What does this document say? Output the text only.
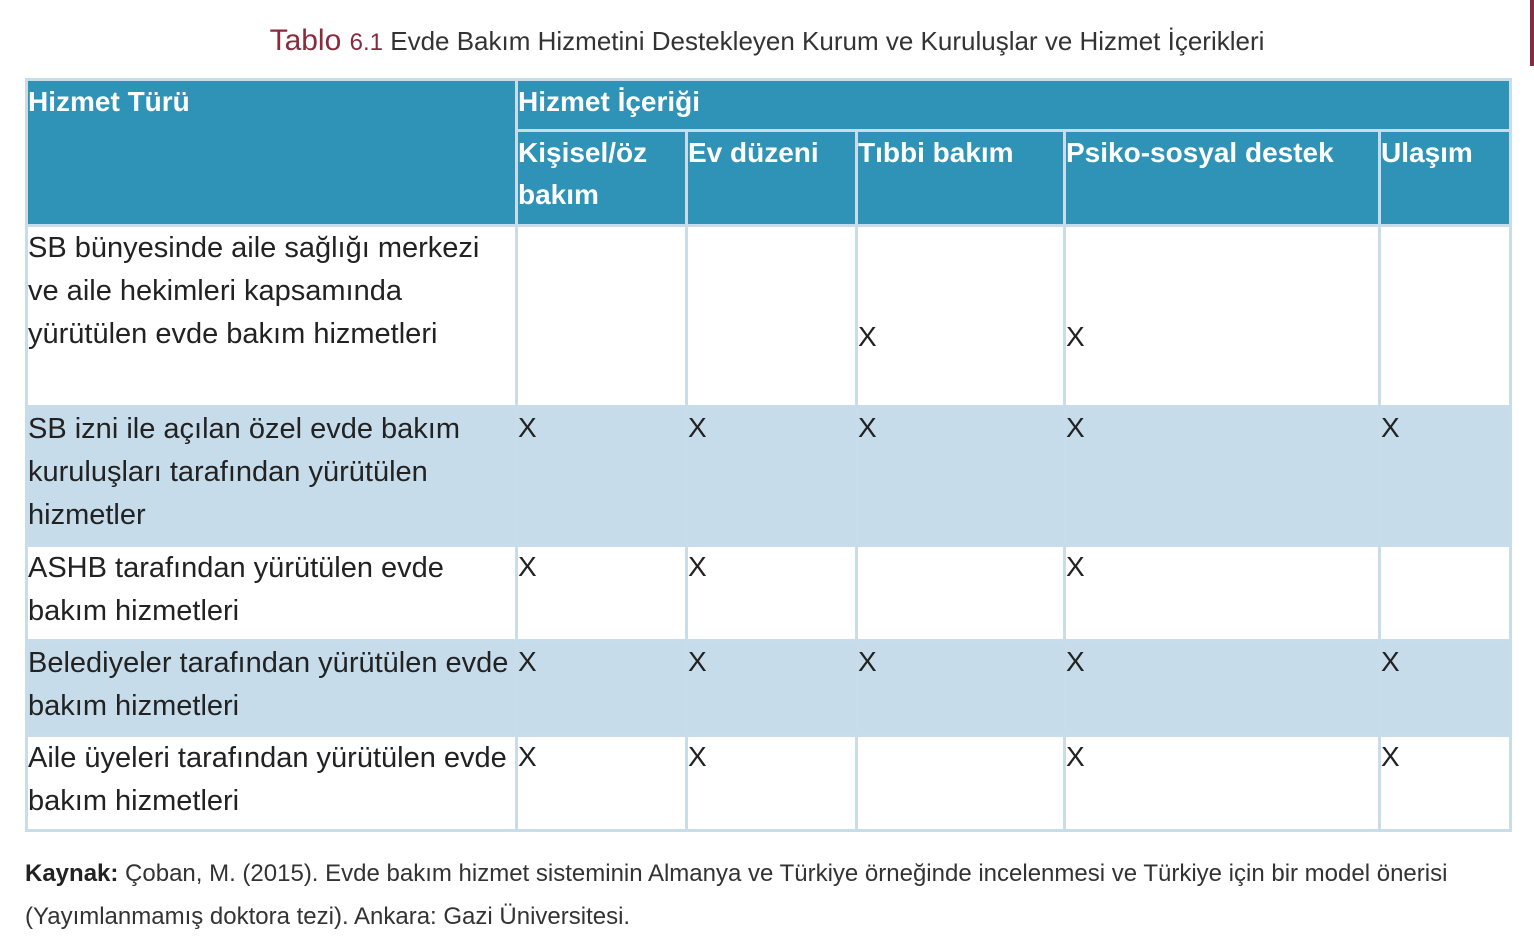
Tablo 6.1 Evde Bakım Hizmetini Destekleyen Kurum ve Kuruluşlar ve Hizmet İçerikleri
Hizmet Türü	Hizmet İçeriği				
	Kişisel/öz bakım	Ev düzeni	Tıbbi bakım	Psiko-sosyal destek	Ulaşım
SB bünyesinde aile sağlığı merkezi ve aile hekimleri kapsamında yürütülen evde bakım hizmetleri			X	X	
SB izni ile açılan özel evde bakım kuruluşları tarafından yürütülen hizmetler	X	X	X	X	X
ASHB tarafından yürütülen evde bakım hizmetleri	X	X		X	
Belediyeler tarafından yürütülen evde bakım hizmetleri	X	X	X	X	X
Aile üyeleri tarafından yürütülen evde bakım hizmetleri	X	X		X	X
Kaynak: Çoban, M. (2015). Evde bakım hizmet sisteminin Almanya ve Türkiye örneğinde incelenmesi ve Türkiye için bir model önerisi (Yayımlanmamış doktora tezi). Ankara: Gazi Üniversitesi.
